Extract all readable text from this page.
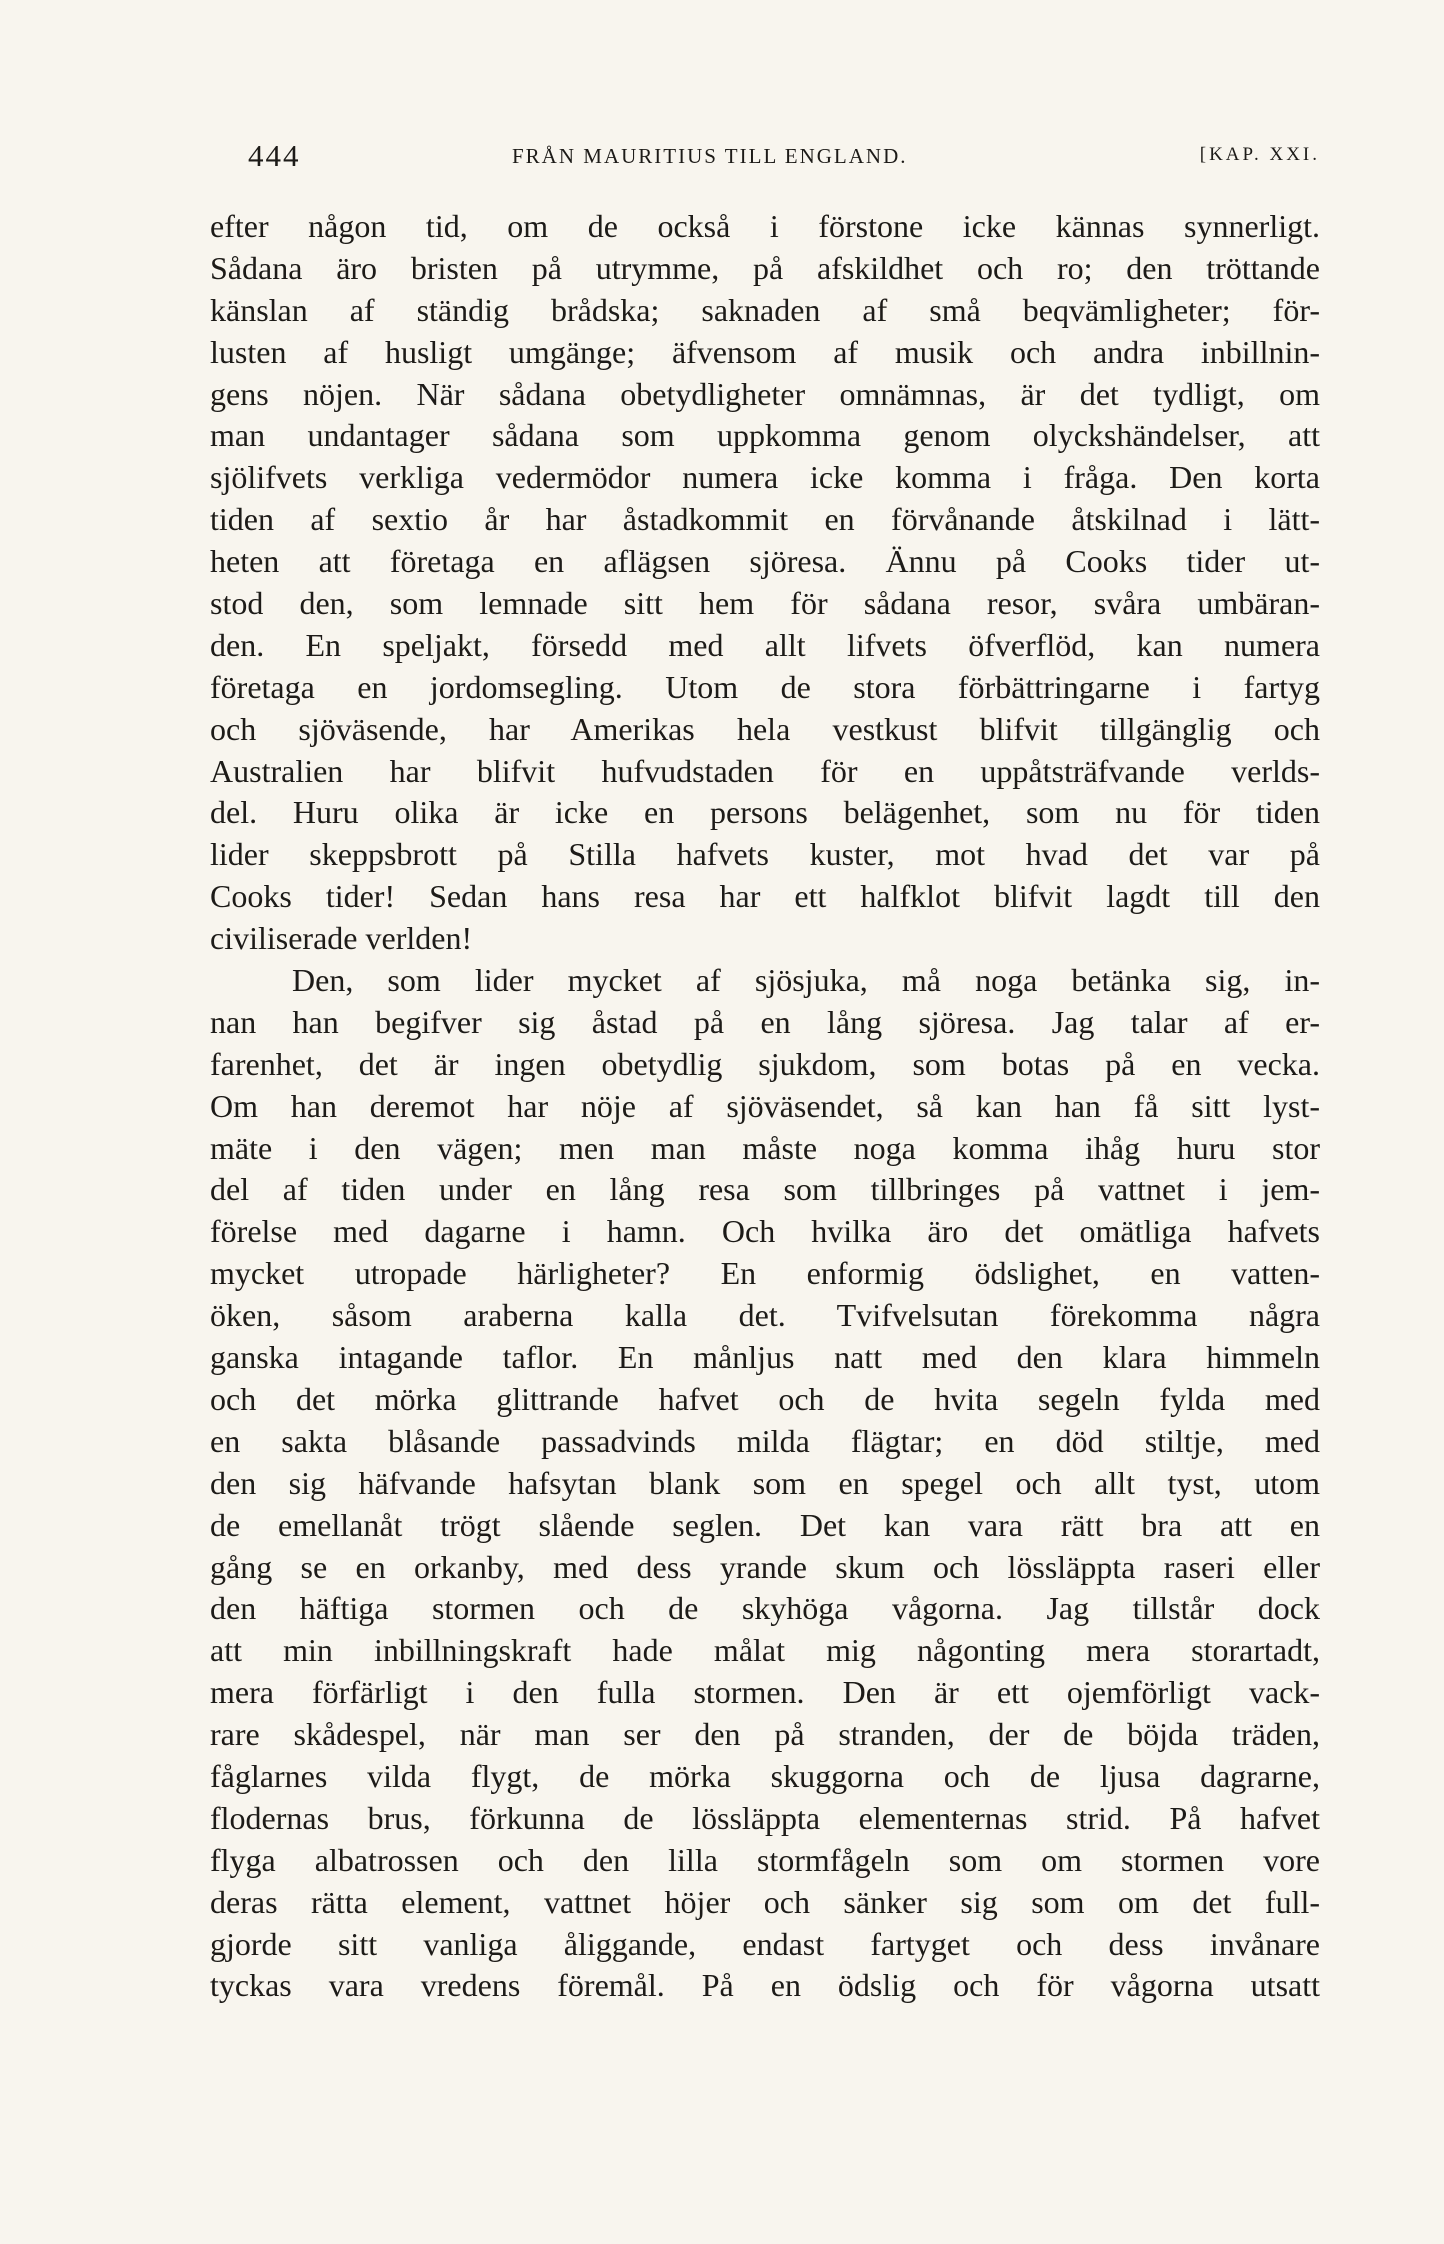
444	FRÅN MAURITIUS TILL ENGLAND.	[KAP. XXI.
efter någon tid, om de också i förstone icke kännas synnerligt.
Sådana äro bristen på utrymme, på afskildhet och ro; den tröttande
känslan af ständig brådska; saknaden af små beqvämligheter; för-
lusten af husligt umgänge; äfvensom af musik och andra inbillnin-
gens nöjen. När sådana obetydligheter omnämnas, är det tydligt, om
man undantager sådana som uppkomma genom olyckshändelser, att
sjölifvets verkliga vedermödor numera icke komma i fråga. Den korta
tiden af sextio år har åstadkommit en förvånande åtskilnad i lätt-
heten att företaga en aflägsen sjöresa. Ännu på Cooks tider ut-
stod den, som lemnade sitt hem för sådana resor, svåra umbäran-
den. En speljakt, försedd med allt lifvets öfverflöd, kan numera
företaga en jordomsegling. Utom de stora förbättringarne i fartyg
och sjöväsende, har Amerikas hela vestkust blifvit tillgänglig och
Australien har blifvit hufvudstaden för en uppåtsträfvande verlds-
del. Huru olika är icke en persons belägenhet, som nu för tiden
lider skeppsbrott på Stilla hafvets kuster, mot hvad det var på
Cooks tider! Sedan hans resa har ett halfklot blifvit lagdt till den
civiliserade verlden!
Den, som lider mycket af sjösjuka, må noga betänka sig, in-
nan han begifver sig åstad på en lång sjöresa. Jag talar af er-
farenhet, det är ingen obetydlig sjukdom, som botas på en vecka.
Om han deremot har nöje af sjöväsendet, så kan han få sitt lyst-
mäte i den vägen; men man måste noga komma ihåg huru stor
del af tiden under en lång resa som tillbringes på vattnet i jem-
förelse med dagarne i hamn. Och hvilka äro det omätliga hafvets
mycket utropade härligheter? En enformig ödslighet, en vatten-
öken, såsom araberna kalla det. Tvifvelsutan förekomma några
ganska intagande taflor. En månljus natt med den klara himmeln
och det mörka glittrande hafvet och de hvita segeln fylda med
en sakta blåsande passadvinds milda flägtar; en död stiltje, med
den sig häfvande hafsytan blank som en spegel och allt tyst, utom
de emellanåt trögt slående seglen. Det kan vara rätt bra att en
gång se en orkanby, med dess yrande skum och lössläppta raseri eller
den häftiga stormen och de skyhöga vågorna. Jag tillstår dock
att min inbillningskraft hade målat mig någonting mera storartadt,
mera förfärligt i den fulla stormen. Den är ett ojemförligt vack-
rare skådespel, när man ser den på stranden, der de böjda träden,
fåglarnes vilda flygt, de mörka skuggorna och de ljusa dagrarne,
flodernas brus, förkunna de lössläppta elementernas strid. På hafvet
flyga albatrossen och den lilla stormfågeln som om stormen vore
deras rätta element, vattnet höjer och sänker sig som om det full-
gjorde sitt vanliga åliggande, endast fartyget och dess invånare
tyckas vara vredens föremål. På en ödslig och för vågorna utsatt
